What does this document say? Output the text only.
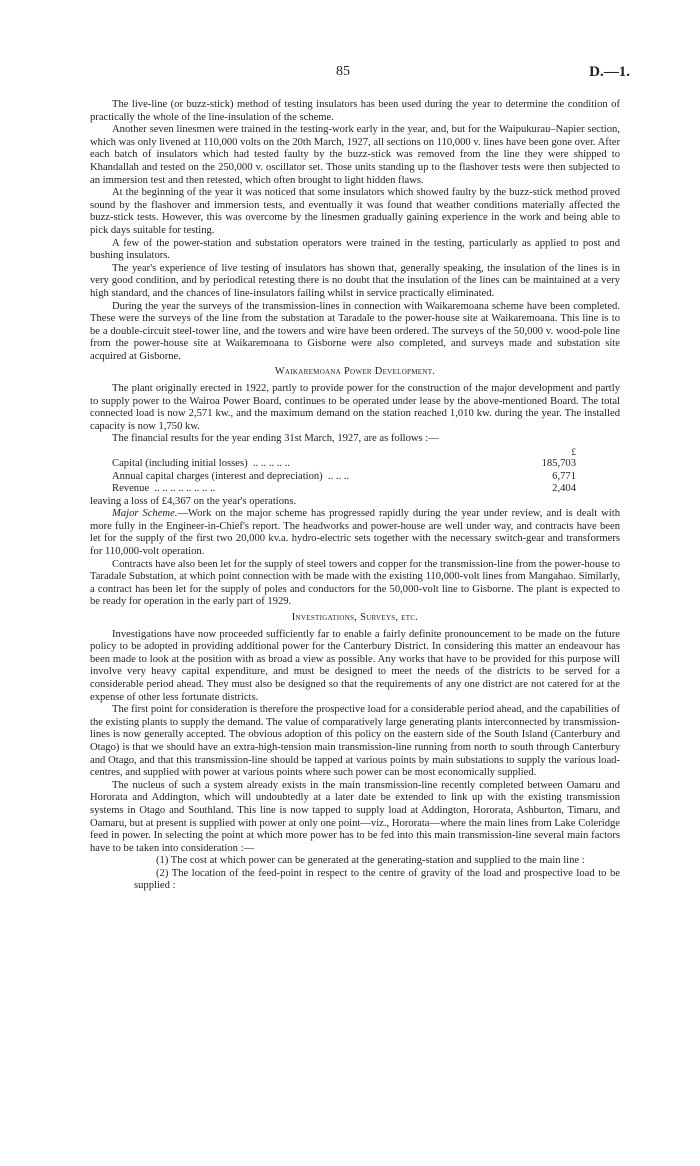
85	D.—1.

The live-line (or buzz-stick) method of testing insulators has been used during the year to determine the condition of practically the whole of the line-insulation of the scheme.

Another seven linesmen were trained in the testing-work early in the year, and, but for the Waipukurau–Napier section, which was only livened at 110,000 volts on the 20th March, 1927, all sections on 110,000 v. lines have been gone over. After each batch of insulators which had tested faulty by the buzz-stick was removed from the line they were shipped to Khandallah and tested on the 250,000 v. oscillator set. Those units standing up to the flashover tests were then subjected to an immersion test and then retested, which often brought to light hidden flaws.

At the beginning of the year it was noticed that some insulators which showed faulty by the buzz-stick method proved sound by the flashover and immersion tests, and eventually it was found that weather conditions materially affected the buzz-stick tests. However, this was overcome by the linesmen gradually gaining experience in the work and being able to pick days suitable for testing.

A few of the power-station and substation operators were trained in the testing, particularly as applied to post and bushing insulators.

The year's experience of live testing of insulators has shown that, generally speaking, the insulation of the lines is in very good condition, and by periodical retesting there is no doubt that the insulation of the lines can be maintained at a very high standard, and the chances of line-insulators failing whilst in service practically eliminated.

During the year the surveys of the transmission-lines in connection with Waikaremoana scheme have been completed. These were the surveys of the line from the substation at Taradale to the power-house site at Waikaremoana. This line is to be a double-circuit steel-tower line, and the towers and wire have been ordered. The surveys of the 50,000 v. wood-pole line from the power-house site at Waikaremoana to Gisborne were also completed, and surveys made and substation site acquired at Gisborne.

Waikaremoana Power Development.

The plant originally erected in 1922, partly to provide power for the construction of the major development and partly to supply power to the Wairoa Power Board, continues to be operated under lease by the above-mentioned Board. The total connected load is now 2,571 kw., and the maximum demand on the station reached 1,010 kw. during the year. The installed capacity is now 1,750 kw.

The financial results for the year ending 31st March, 1927, are as follows :—

	£
Capital (including initial losses) .. .. .. .. ..	185,703
Annual capital charges (interest and depreciation) .. .. ..	6,771
Revenue .. .. .. .. .. .. .. ..	2,404

leaving a loss of £4,367 on the year's operations.

Major Scheme.—Work on the major scheme has progressed rapidly during the year under review, and is dealt with more fully in the Engineer-in-Chief's report. The headworks and power-house are well under way, and contracts have been let for the supply of the first two 20,000 kv.a. hydro-electric sets together with the necessary switch-gear and transformers for 110,000-volt operation.

Contracts have also been let for the supply of steel towers and copper for the transmission-line from the power-house to Taradale Substation, at which point connection with be made with the existing 110,000-volt lines from Mangahao. Similarly, a contract has been let for the supply of poles and conductors for the 50,000-volt line to Gisborne. The plant is expected to be ready for operation in the early part of 1929.

Investigations, Surveys, etc.

Investigations have now proceeded sufficiently far to enable a fairly definite pronouncement to be made on the future policy to be adopted in providing additional power for the Canterbury District. In considering this matter an endeavour has been made to look at the position with as broad a view as possible. Any works that have to be provided for this purpose will involve very heavy capital expenditure, and must be designed to meet the needs of the districts to be served for a considerable period ahead. They must also be designed so that the requirements of any one district are not catered for at the expense of other less fortunate districts.

The first point for consideration is therefore the prospective load for a considerable period ahead, and the capabilities of the existing plants to supply the demand. The value of comparatively large generating plants interconnected by transmission-lines is now generally accepted. The obvious adoption of this policy on the eastern side of the South Island (Canterbury and Otago) is that we should have an extra-high-tension main transmission-line running from north to south through Canterbury and Otago, and that this transmission-line should be tapped at various points by main substations to supply the various load-centres, and supplied with power at various points where such power can be most economically supplied.

The nucleus of such a system already exists in the main transmission-line recently completed between Oamaru and Hororata and Addington, which will undoubtedly at a later date be extended to link up with the existing transmission systems in Otago and Southland. This line is now tapped to supply load at Addington, Hororata, Ashburton, Timaru, and Oamaru, but at present is supplied with power at only one point—viz., Hororata—where the main lines from Lake Coleridge feed in power. In selecting the point at which more power has to be fed into this main transmission-line several main factors have to be taken into consideration :—

(1) The cost at which power can be generated at the generating-station and supplied to the main line :

(2) The location of the feed-point in respect to the centre of gravity of the load and prospective load to be supplied :
